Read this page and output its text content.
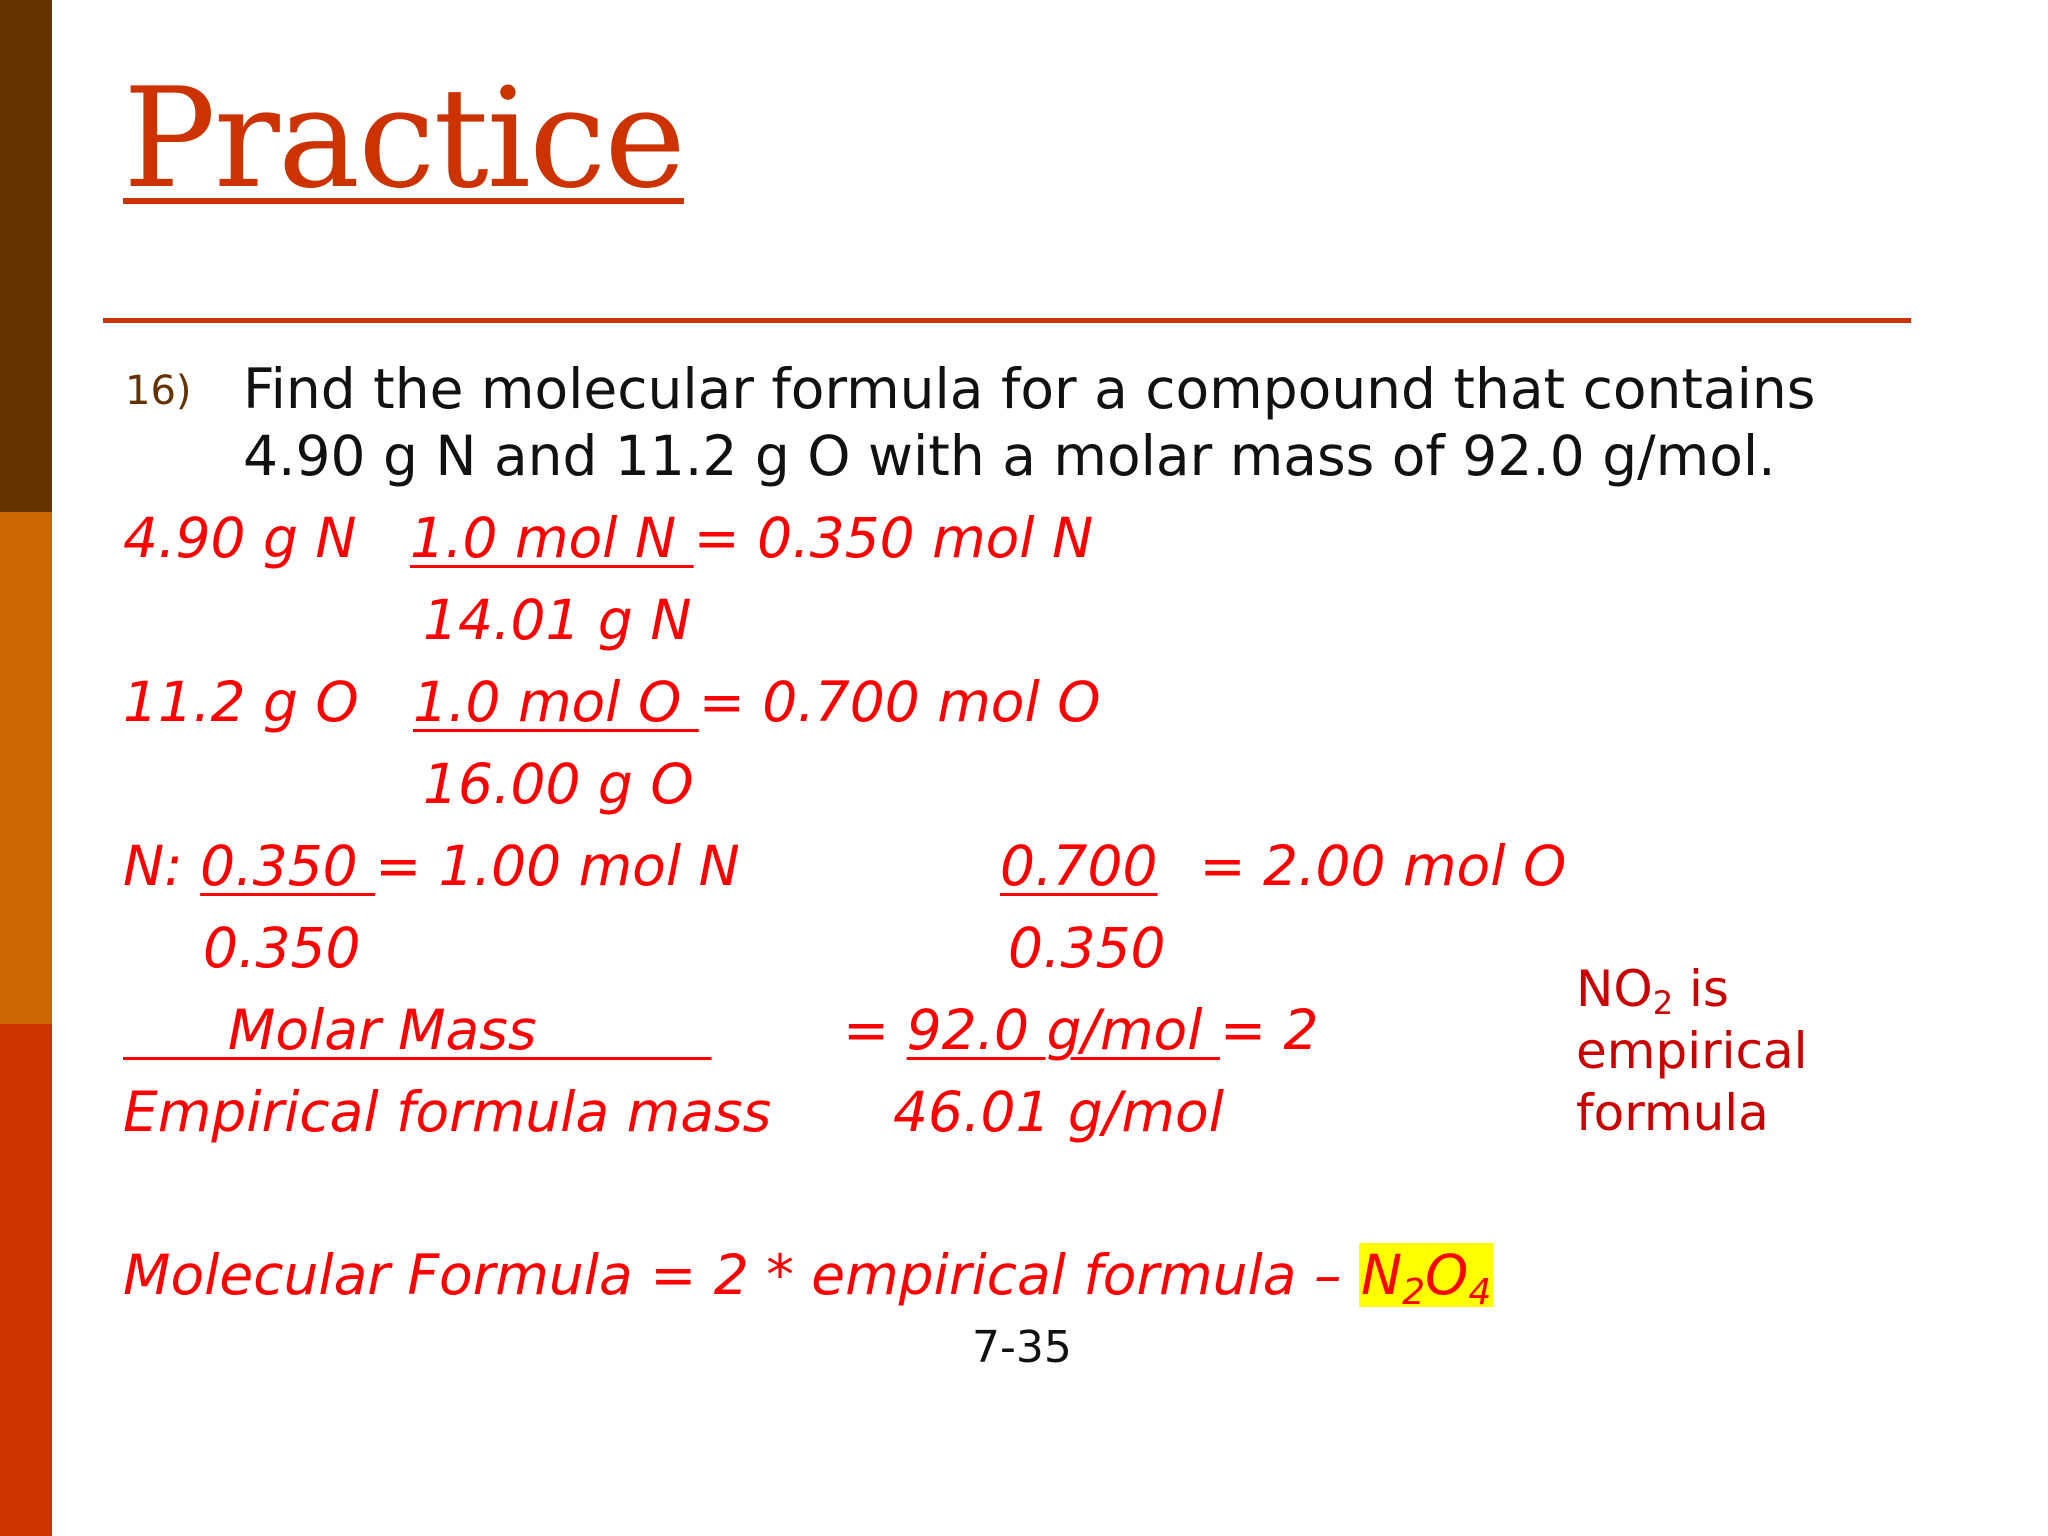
Practice
16) Find the molecular formula for a compound that contains
4.90 g N and 11.2 g O with a molar mass of 92.0 g/mol.
4.90 g N 1.0 mol N = 0.350 mol N
14.01 g N
11.2 g O 1.0 mol O = 0.700 mol O
16.00 g O
N: 0.350 = 1.00 mol N	0.700 = 2.00 mol O
0.350	0.350
Molar Mass = 92.0 g/mol = 2
Empirical formula mass 46.01 g/mol
$NO_2$ is
empirical
formula
Molecular Formula = 2 * empirical formula – $N_2O_4$
7-35
